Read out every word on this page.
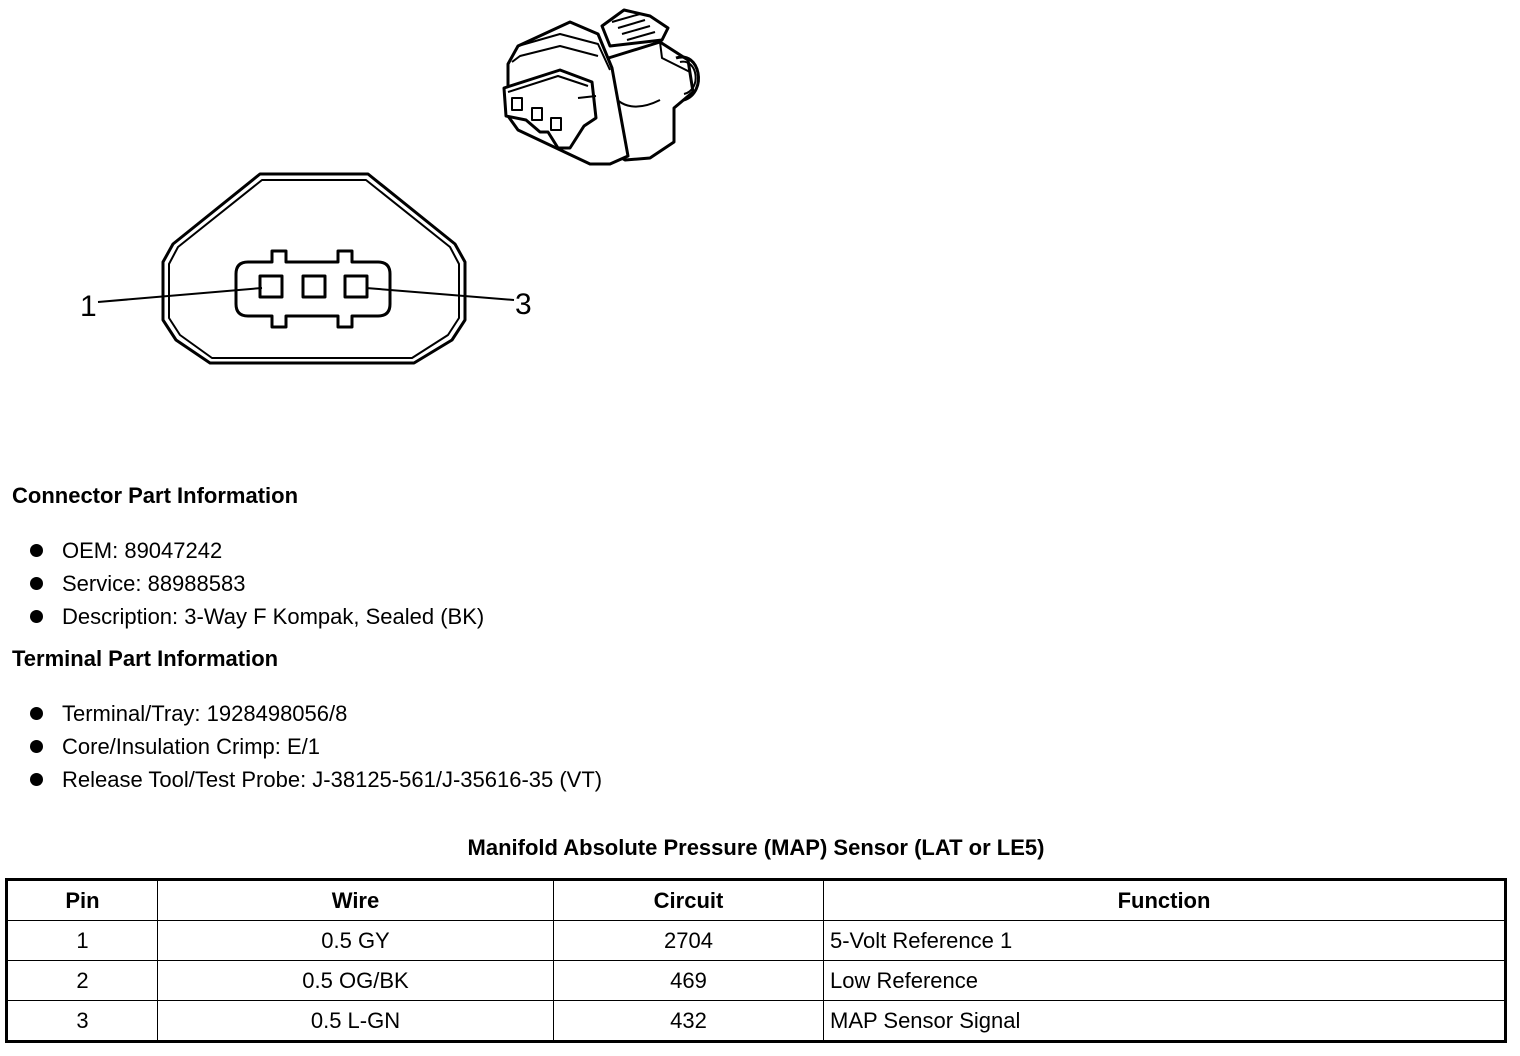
1	3
Connector Part Information
OEM: 89047242
Service: 88988583
Description: 3-Way F Kompak, Sealed (BK)
Terminal Part Information
Terminal/Tray: 1928498056/8
Core/Insulation Crimp: E/1
Release Tool/Test Probe: J-38125-561/J-35616-35 (VT)
Manifold Absolute Pressure (MAP) Sensor (LAT or LE5)
Pin	Wire	Circuit	Function
1	0.5 GY	2704	5-Volt Reference 1
2	0.5 OG/BK	469	Low Reference
3	0.5 L-GN	432	MAP Sensor Signal
